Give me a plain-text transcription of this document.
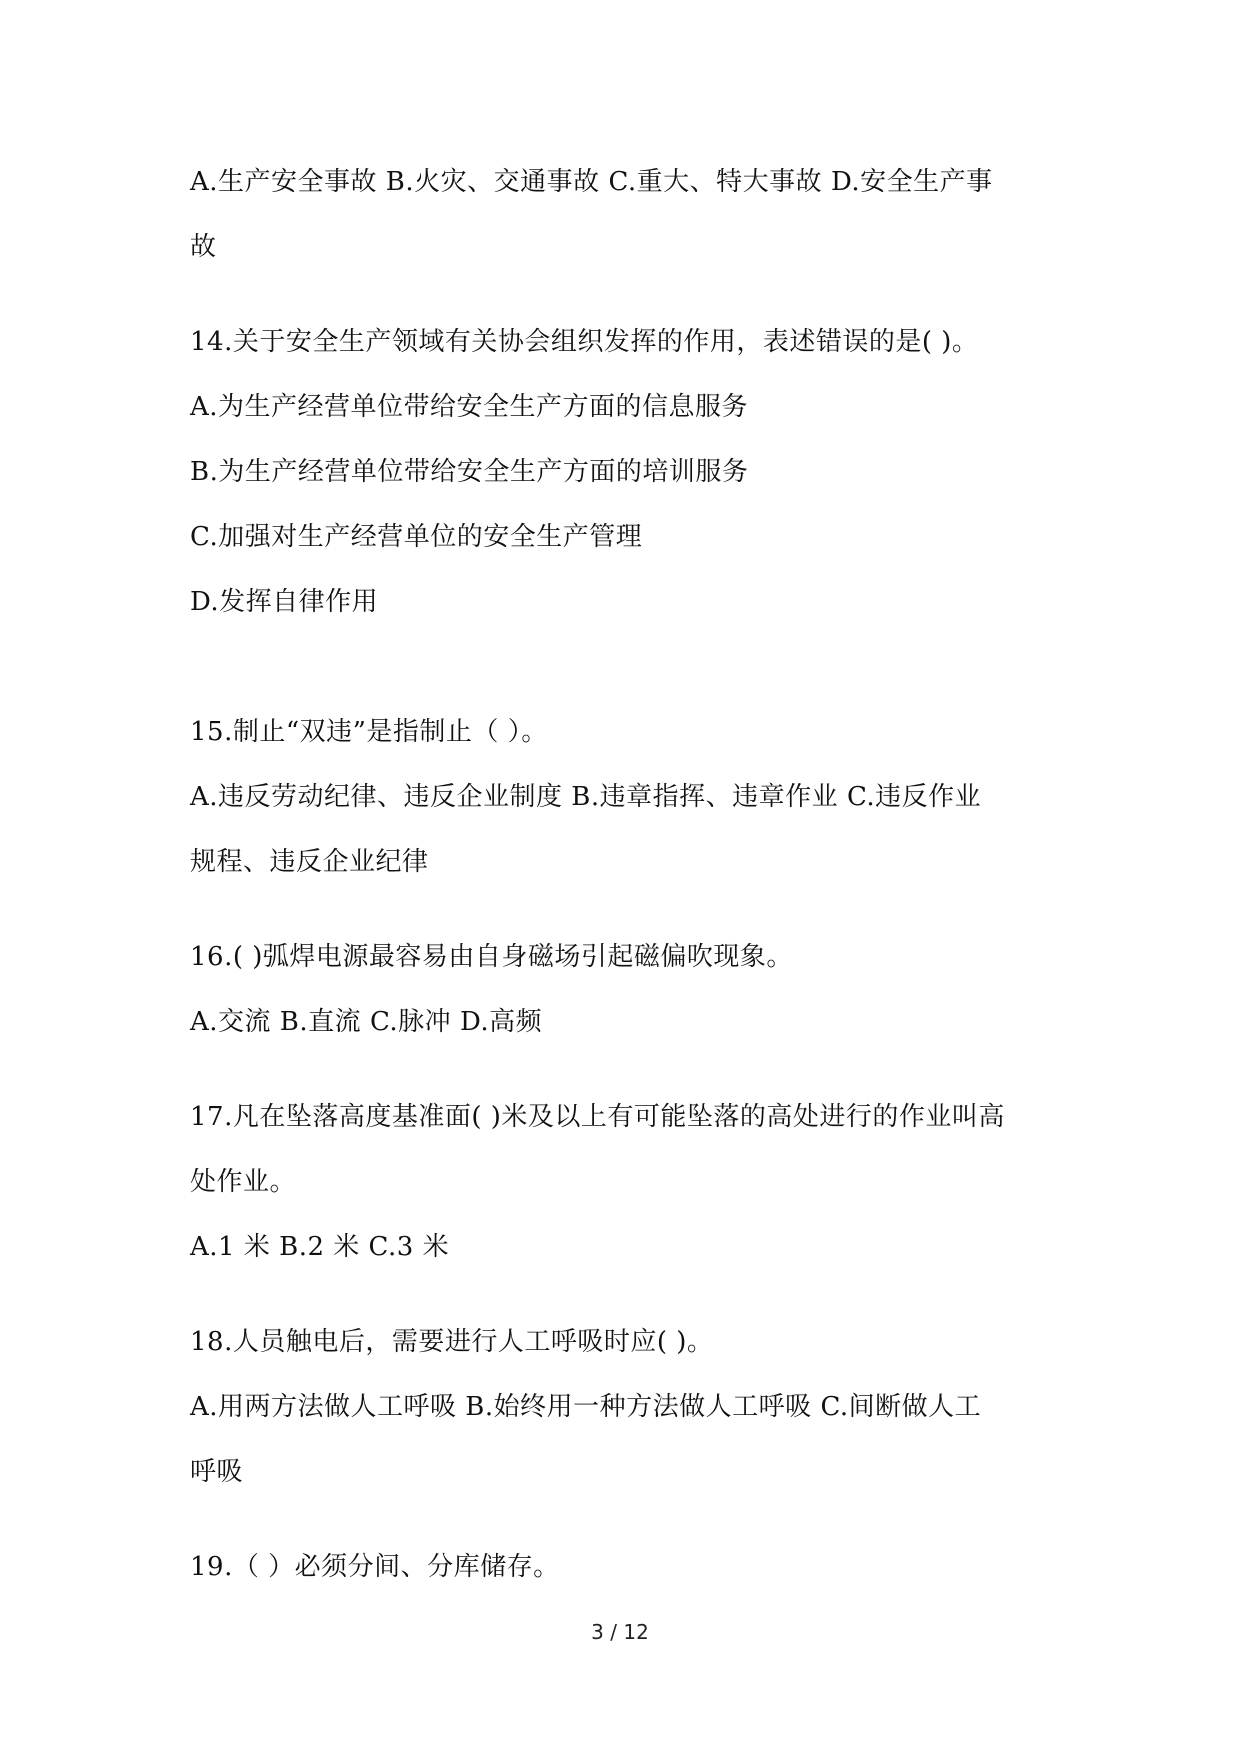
A.生产安全事故 B.火灾、交通事故 C.重大、特大事故 D.安全生产事
故
14.关于安全生产领域有关协会组织发挥的作用，表述错误的是( )。
A.为生产经营单位带给安全生产方面的信息服务
B.为生产经营单位带给安全生产方面的培训服务
C.加强对生产经营单位的安全生产管理
D.发挥自律作用
15.制止“双违”是指制止（ ）。
A.违反劳动纪律、违反企业制度 B.违章指挥、违章作业 C.违反作业
规程、违反企业纪律
16.( )弧焊电源最容易由自身磁场引起磁偏吹现象。
A.交流 B.直流 C.脉冲 D.高频
17.凡在坠落高度基准面( )米及以上有可能坠落的高处进行的作业叫高
处作业。
A.1 米 B.2 米 C.3 米
18.人员触电后，需要进行人工呼吸时应( )。
A.用两方法做人工呼吸 B.始终用一种方法做人工呼吸 C.间断做人工
呼吸
19.（ ）必须分间、分库储存。
3 / 12
